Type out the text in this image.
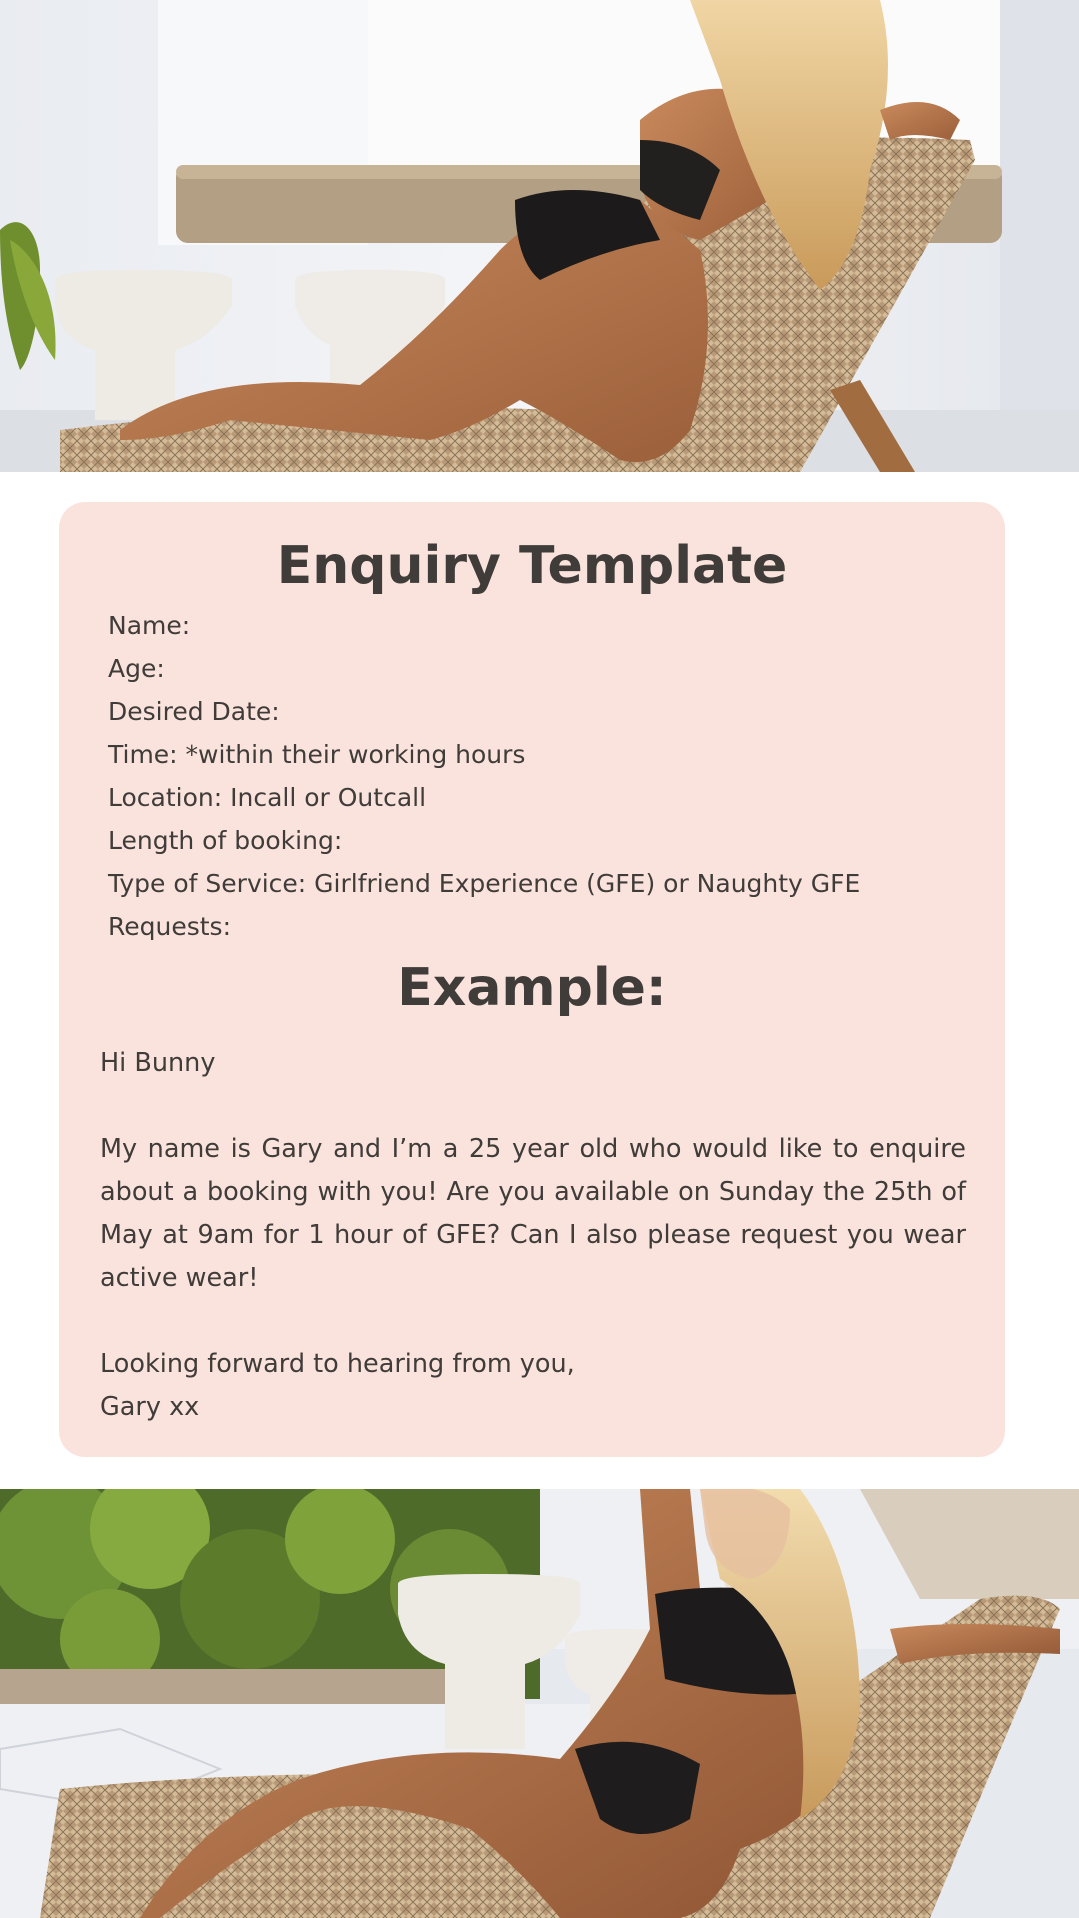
Enquiry Template
Name:
Age:
Desired Date:
Time: *within their working hours
Location: Incall or Outcall
Length of booking:
Type of Service: Girlfriend Experience (GFE) or Naughty GFE
Requests:
Example:

Hi Bunny

My name is Gary and I’m a 25 year old who would like to enquire about a booking with you! Are you available on Sunday the 25th of May at 9am for 1 hour of GFE? Can I also please request you wear active wear!

Looking forward to hearing from you,

Gary xx
